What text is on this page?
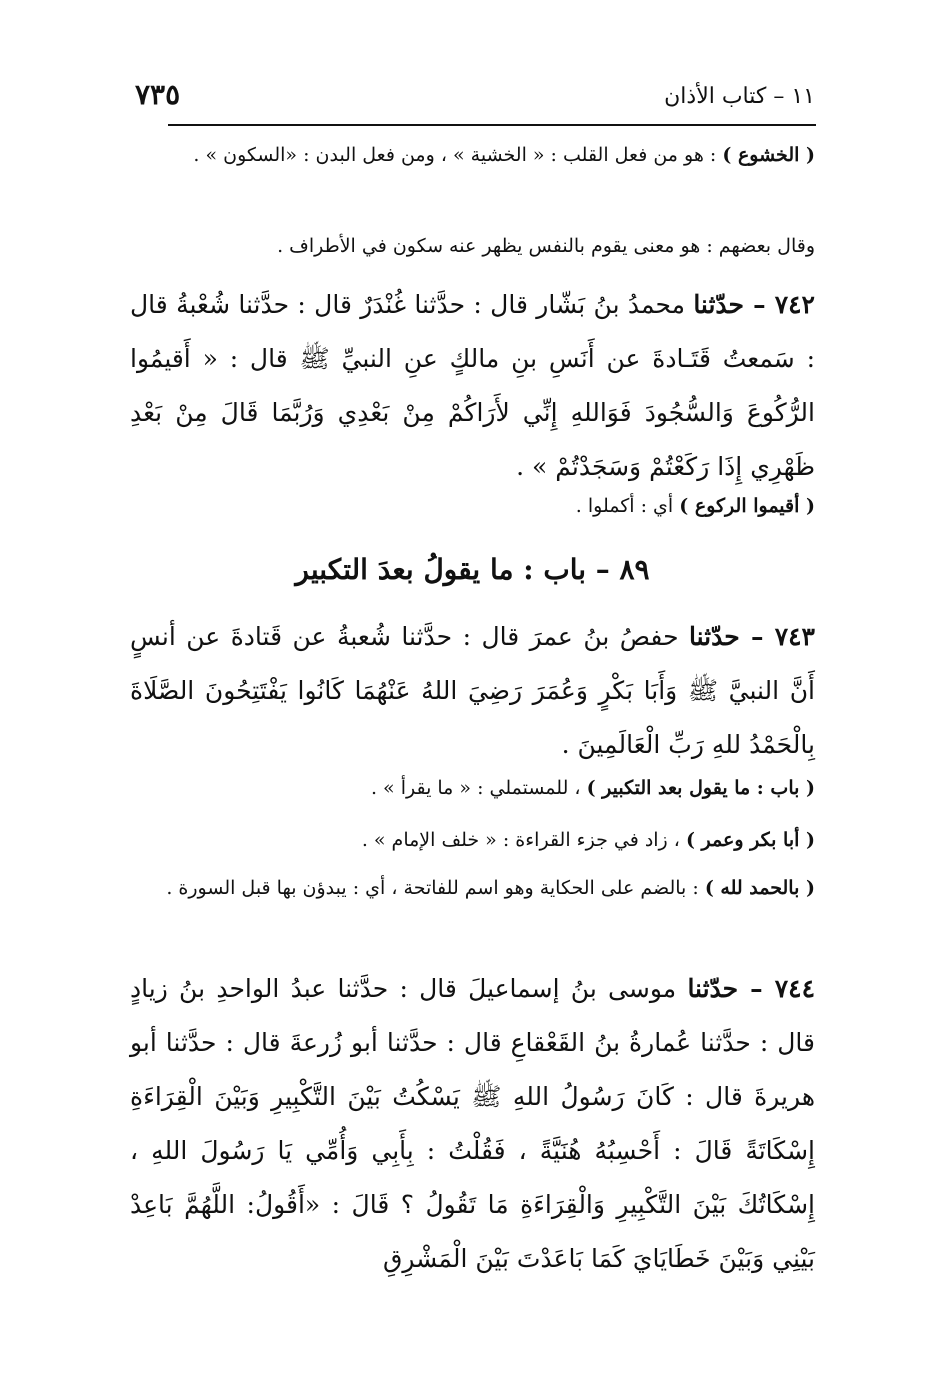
١١ – كتاب الأذان
٧٣٥
( الخشوع ) : هو من فعل القلب : « الخشية » ، ومن فعل البدن : «السكون » .
وقال بعضهم : هو معنى يقوم بالنفس يظهر عنه سكون في الأطراف .
٧٤٢ – حدّثنا محمدُ بنُ بَشّار قال : حدَّثنا غُنْدَرٌ قال : حدَّثنا شُعْبةُ قال : سَمعتُ قَتَـادةَ عن أَنَسِ بنِ مالكٍ عنِ النبيِّ ﷺ قال : « أَقيمُوا الرُّكُوعَ وَالسُّجُودَ فَوَاللهِ إِنِّي لأَرَاكُمْ مِنْ بَعْدِي وَرُبَّمَا قَالَ مِنْ بَعْدِ ظَهْرِي إِذَا رَكَعْتُمْ وَسَجَدْتُمْ » .
( أقيموا الركوع ) أي : أكملوا .
٨٩ – باب : ما يقولُ بعدَ التكبير
٧٤٣ – حدّثنا حفصُ بنُ عمرَ قال : حدَّثنا شُعبةُ عن قَتادةَ عن أنسٍ أَنَّ النبيَّ ﷺ وَأَبَا بَكْرٍ وَعُمَرَ رَضِيَ اللهُ عَنْهُمَا كَانُوا يَفْتَتِحُونَ الصَّلَاةَ بِالْحَمْدُ للهِ رَبِّ الْعَالَمِينَ .
( باب : ما يقول بعد التكبير ) ، للمستملي : « ما يقرأ » .
( أبا بكر وعمر ) ، زاد في جزء القراءة : « خلف الإمام » .
( بالحمد لله ) : بالضم على الحكاية وهو اسم للفاتحة ، أي : يبدؤن بها قبل السورة .
٧٤٤ – حدّثنا موسى بنُ إسماعيلَ قال : حدَّثنا عبدُ الواحدِ بنُ زيادٍ قال : حدَّثنا عُمارةُ بنُ القَعْقاعِ قال : حدَّثنا أبو زُرعةَ قال : حدَّثنا أبو هريرةَ قال : كَانَ رَسُولُ اللهِ ﷺ يَسْكُتُ بَيْنَ التَّكْبِيرِ وَبَيْنَ الْقِرَاءَةِ إِسْكَاتَةً قَالَ : أَحْسِبُهُ هُنَيَّةً ، فَقُلْتُ : بِأَبِي وَأُمِّي يَا رَسُولَ اللهِ ، إِسْكَاتُكَ بَيْنَ التَّكْبِيرِ وَالْقِرَاءَةِ مَا تَقُولُ ؟ قَالَ : «أَقُولُ: اللَّهُمَّ بَاعِدْ بَيْنِي وَبَيْنَ خَطَايَايَ كَمَا بَاعَدْتَ بَيْنَ الْمَشْرِقِ
